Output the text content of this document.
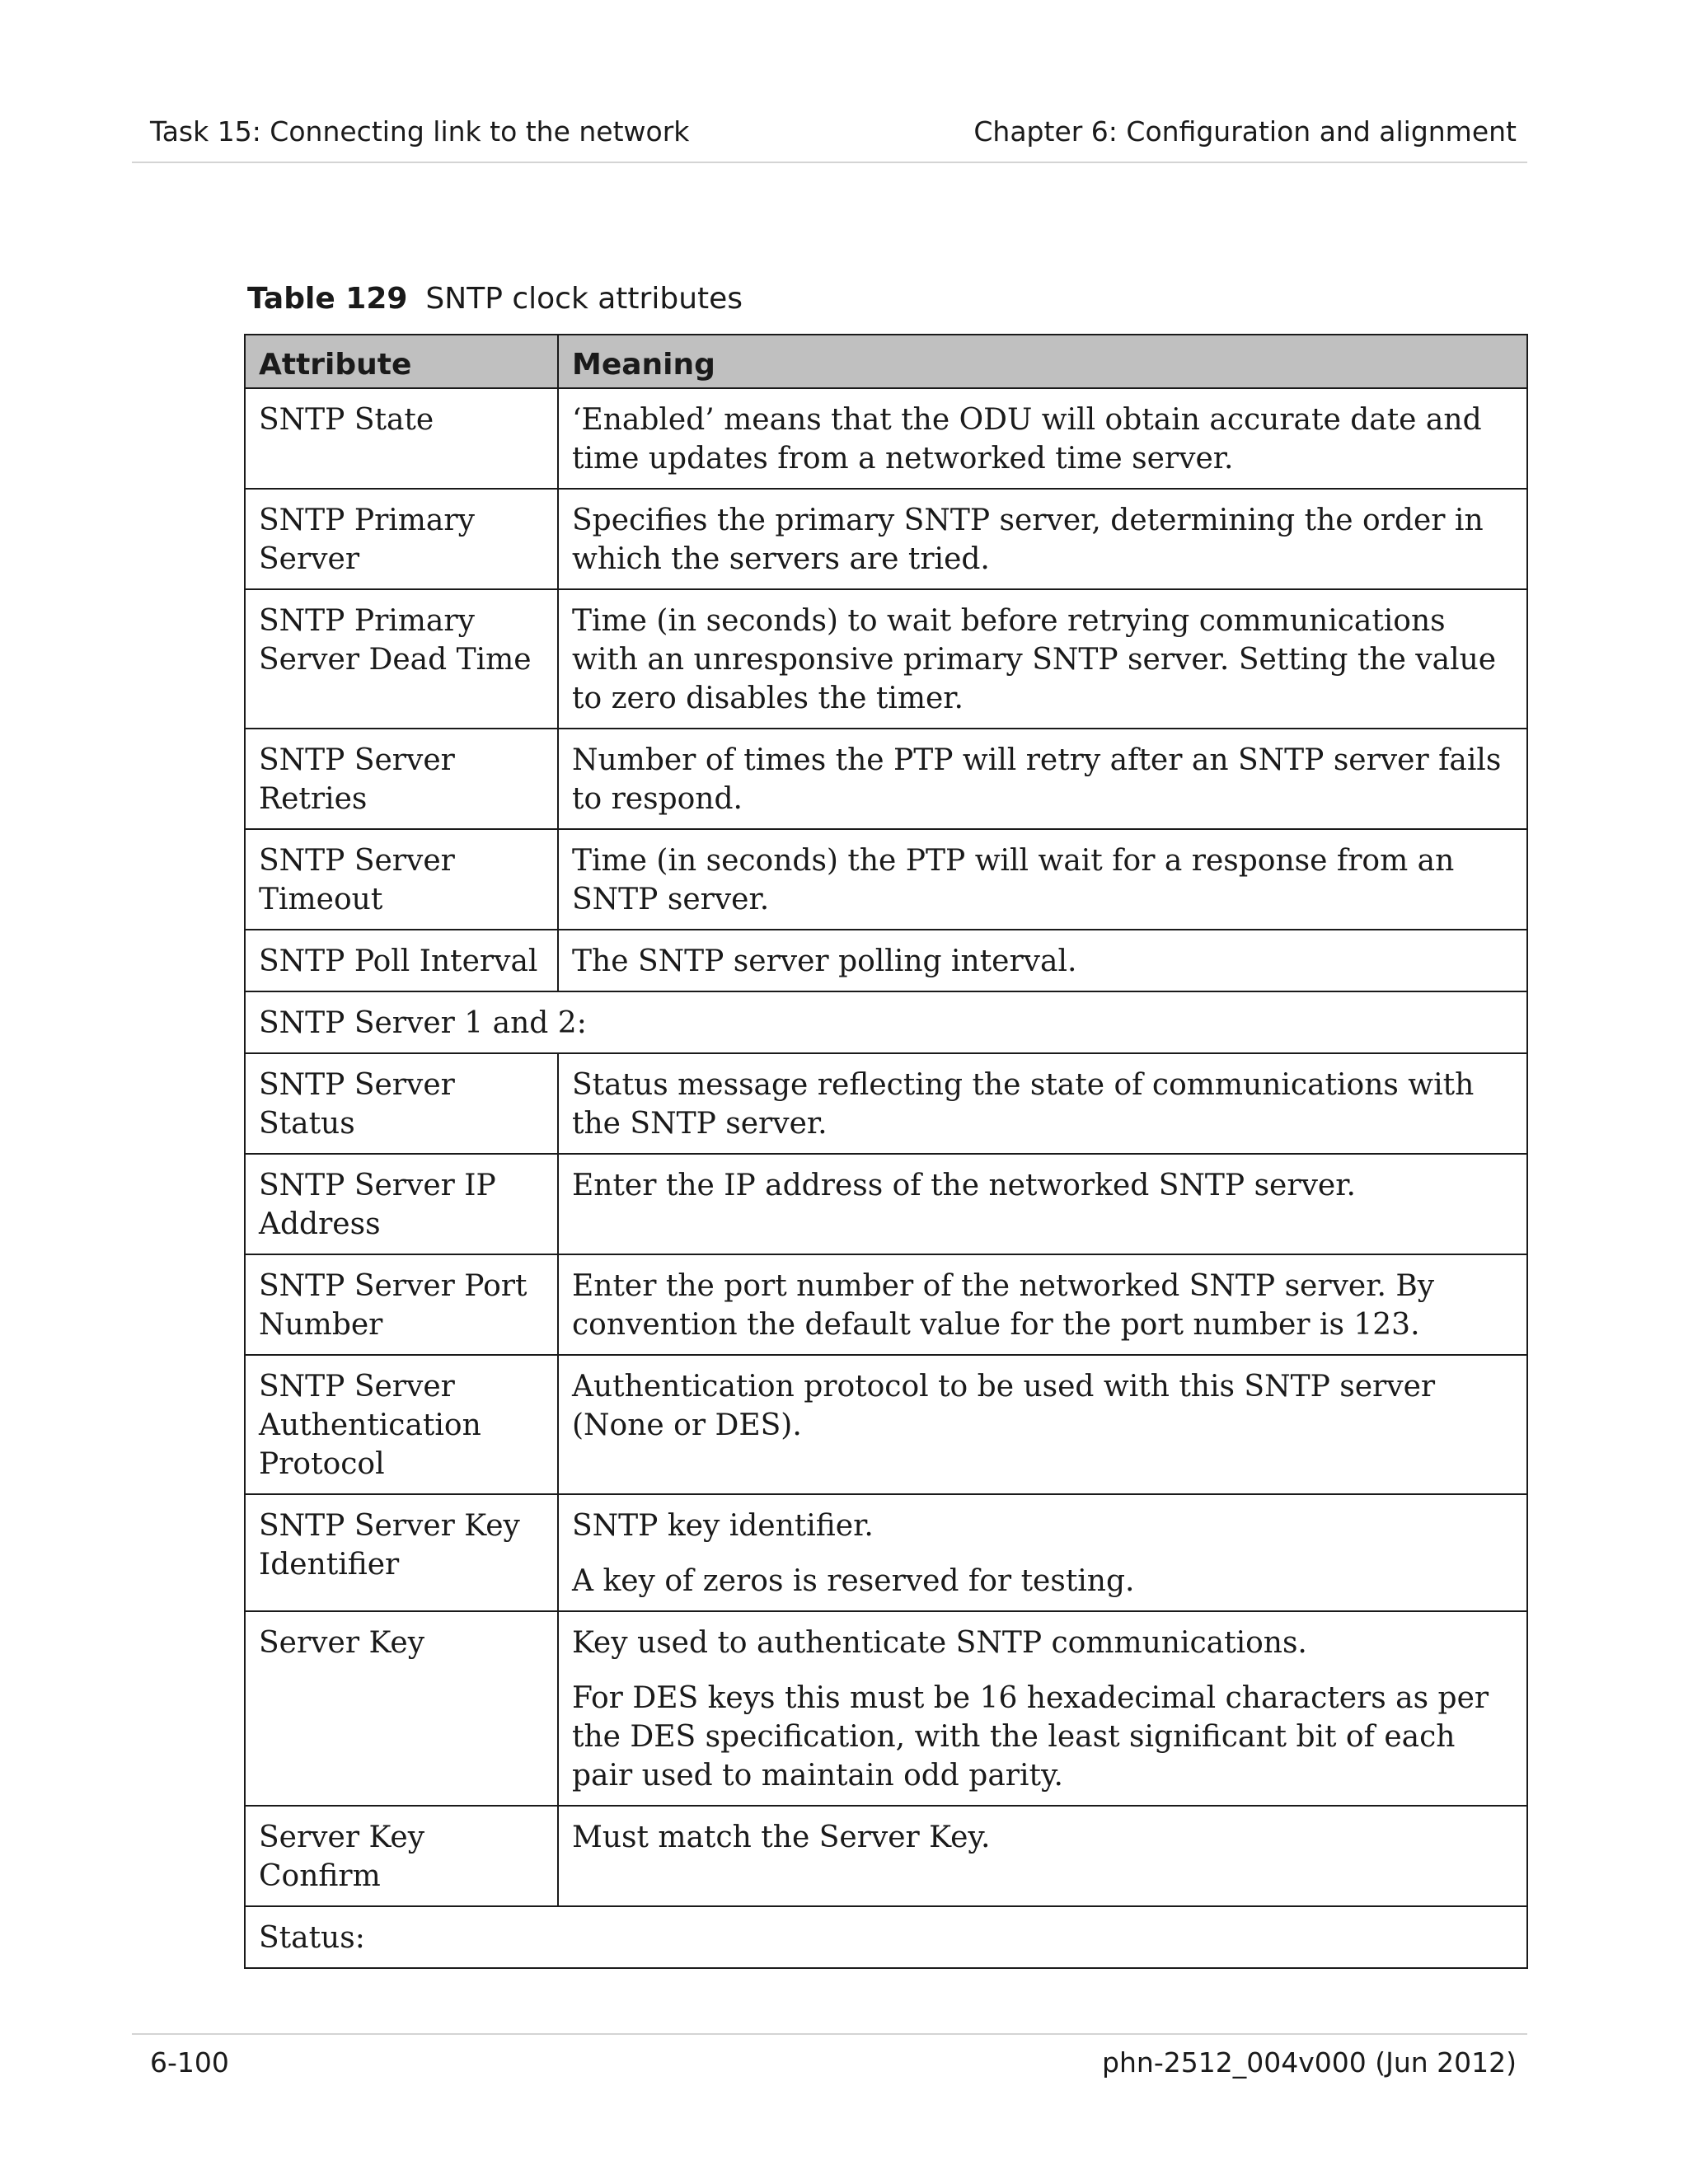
Task 15: Connecting link to the network	Chapter 6: Configuration and alignment
Table 129 SNTP clock attributes
Attribute	Meaning
SNTP State	‘Enabled’ means that the ODU will obtain accurate date and time updates from a networked time server.

SNTP Primary Server	Specifies the primary SNTP server, determining the order in which the servers are tried.

SNTP Primary Server Dead Time	Time (in seconds) to wait before retrying communications with an unresponsive primary SNTP server. Setting the value to zero disables the timer.

SNTP Server Retries	Number of times the PTP will retry after an SNTP server fails to respond.

SNTP Server Timeout	Time (in seconds) the PTP will wait for a response from an SNTP server.

SNTP Poll Interval	The SNTP server polling interval.

SNTP Server 1 and 2:	
SNTP Server Status	Status message reflecting the state of communications with the SNTP server.

SNTP Server IP Address	Enter the IP address of the networked SNTP server.

SNTP Server Port Number	Enter the port number of the networked SNTP server. By convention the default value for the port number is 123.

SNTP Server Authentication Protocol	Authentication protocol to be used with this SNTP server (None or DES).

SNTP Server Key Identifier	SNTP key identifier.

A key of zeros is reserved for testing.

Server Key	Key used to authenticate SNTP communications.

For DES keys this must be 16 hexadecimal characters as per the DES specification, with the least significant bit of each pair used to maintain odd parity.

Server Key Confirm	Must match the Server Key.

Status:	
6-100	phn-2512_004v000 (Jun 2012)
